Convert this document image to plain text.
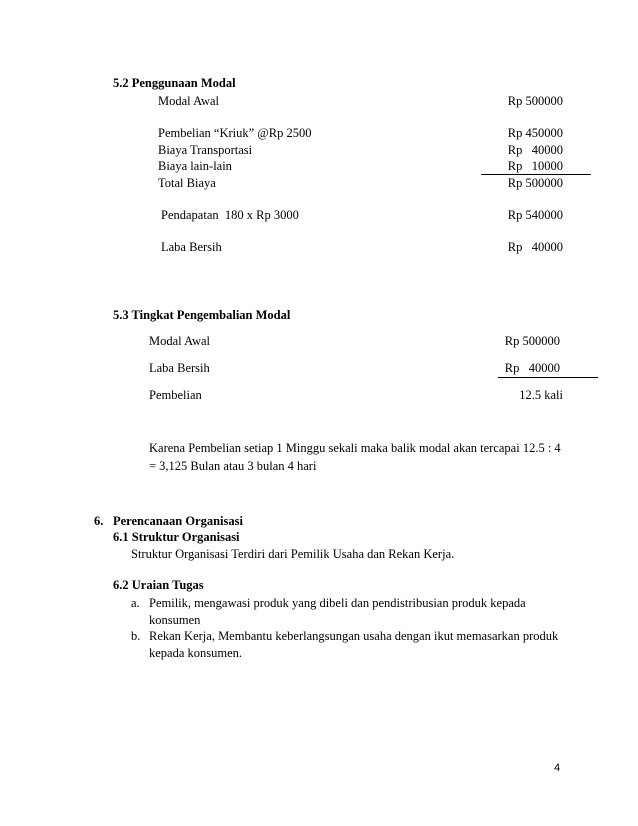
5.2 Penggunaan Modal
Modal Awal	Rp 500000
Pembelian “Kriuk” @Rp 2500	Rp 450000
Biaya Transportasi	Rp   40000
Biaya lain-lain	Rp   10000
Total Biaya	Rp 500000
Pendapatan  180 x Rp 3000	Rp 540000
Laba Bersih	Rp   40000
5.3 Tingkat Pengembalian Modal
Modal Awal	Rp 500000
Laba Bersih	Rp   40000
Pembelian	12.5 kali
Karena Pembelian setiap 1 Minggu sekali maka balik modal akan tercapai 12.5 : 4
= 3,125 Bulan atau 3 bulan 4 hari
6. Perencanaan Organisasi
6.1 Struktur Organisasi
Struktur Organisasi Terdiri dari Pemilik Usaha dan Rekan Kerja.
6.2 Uraian Tugas
a. Pemilik, mengawasi produk yang dibeli dan pendistribusian produk kepada
konsumen
b. Rekan Kerja, Membantu keberlangsungan usaha dengan ikut memasarkan produk
kepada konsumen.
4
